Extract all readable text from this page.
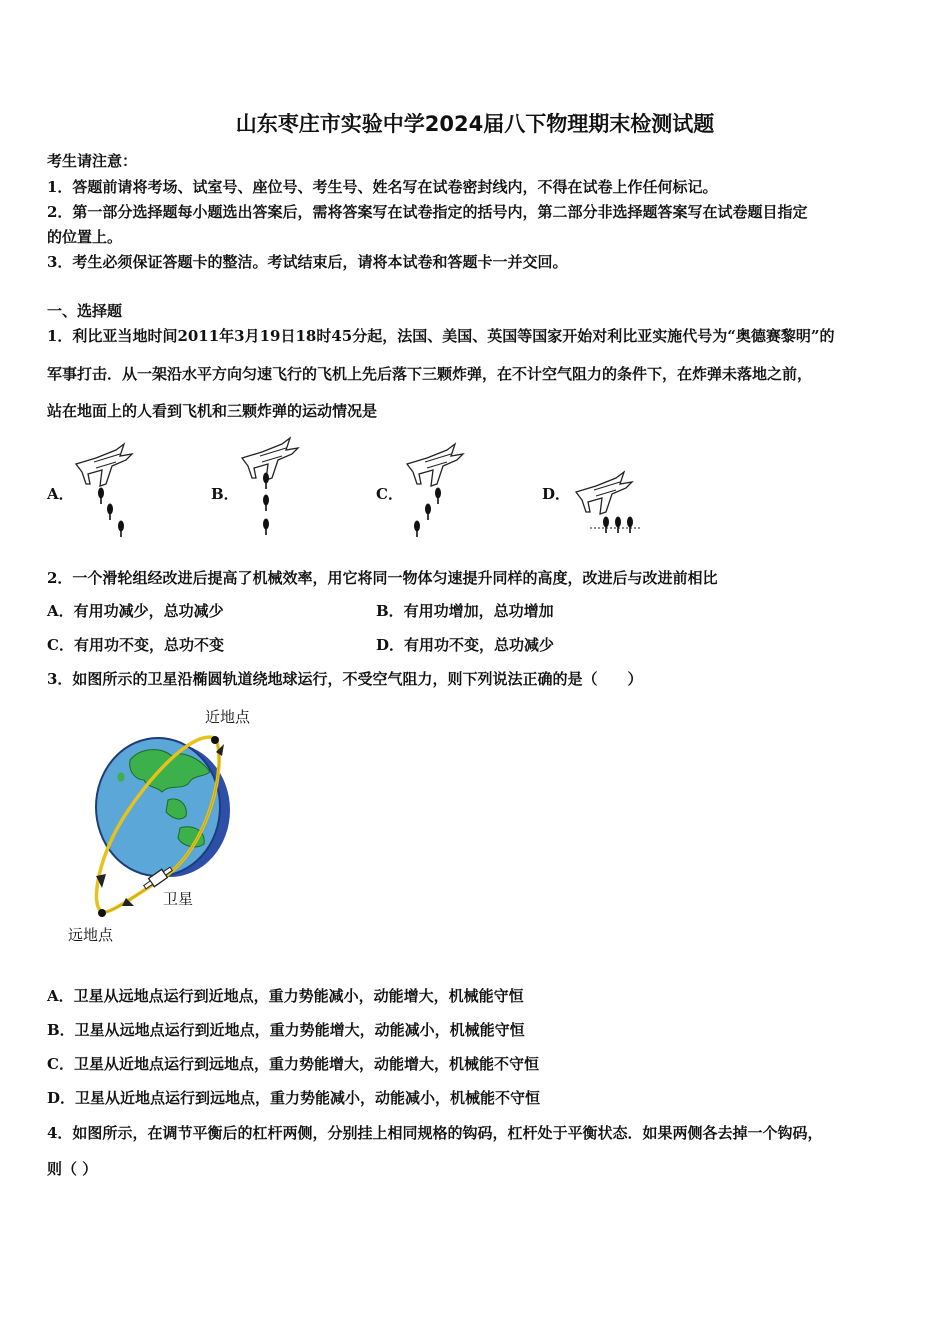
山东枣庄市实验中学2024届八下物理期末检测试题
考生请注意：
1．答题前请将考场、试室号、座位号、考生号、姓名写在试卷密封线内，不得在试卷上作任何标记。
2．第一部分选择题每小题选出答案后，需将答案写在试卷指定的括号内，第二部分非选择题答案写在试卷题目指定
的位置上。
3．考生必须保证答题卡的整洁。考试结束后，请将本试卷和答题卡一并交回。
一、选择题
1．利比亚当地时间2011年3月19日18时45分起，法国、美国、英国等国家开始对利比亚实施代号为“奥德赛黎明”的
军事打击．从一架沿水平方向匀速飞行的飞机上先后落下三颗炸弹，在不计空气阻力的条件下，在炸弹未落地之前，
站在地面上的人看到飞机和三颗炸弹的运动情况是
A．	B．	C．	D．
2．一个滑轮组经改进后提高了机械效率，用它将同一物体匀速提升同样的高度，改进后与改进前相比
A．有用功减少，总功减少	B．有用功增加，总功增加
C．有用功不变，总功不变	D．有用功不变，总功减少
3．如图所示的卫星沿椭圆轨道绕地球运行，不受空气阻力，则下列说法正确的是（　　）
近地点
卫星
远地点
A．卫星从远地点运行到近地点，重力势能减小，动能增大，机械能守恒
B．卫星从远地点运行到近地点，重力势能增大，动能减小，机械能守恒
C．卫星从近地点运行到远地点，重力势能增大，动能增大，机械能不守恒
D．卫星从近地点运行到远地点，重力势能减小，动能减小，机械能不守恒
4．如图所示，在调节平衡后的杠杆两侧，分别挂上相同规格的钩码，杠杆处于平衡状态．如果两侧各去掉一个钩码，
则（ ）
